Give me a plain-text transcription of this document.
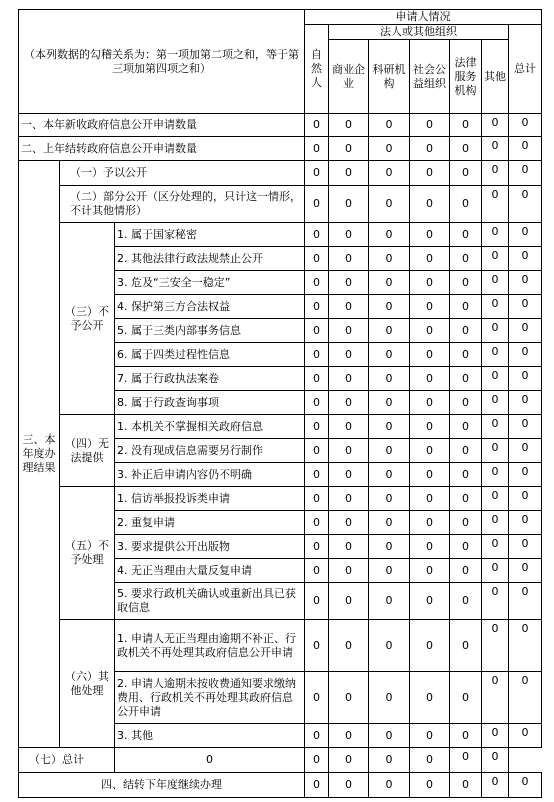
（本列数据的勾稽关系为：第一项加第二项之和，等于第三项加第四项之和）			申请人情况						
			自然人	法人或其他组织					总计
				商业企业	科研机构	社会公益组织	法律服务机构	其他	
一、本年新收政府信息公开申请数量			0	0	0	0	0	0	0
二、上年结转政府信息公开申请数量			0	0	0	0	0	0	0
三、本年度办理结果	（一）予以公开		0	0	0	0	0	0	0
	（二）部分公开（区分处理的，只计这一情形，不计其他情形）		0	0	0	0	0	0	0
	（三）不予公开	1. 属于国家秘密	0	0	0	0	0	0	0
		2. 其他法律行政法规禁止公开	0	0	0	0	0	0	0
		3. 危及“三安全一稳定”	0	0	0	0	0	0	0
		4. 保护第三方合法权益	0	0	0	0	0	0	0
		5. 属于三类内部事务信息	0	0	0	0	0	0	0
		6. 属于四类过程性信息	0	0	0	0	0	0	0
		7. 属于行政执法案卷	0	0	0	0	0	0	0
		8. 属于行政查询事项	0	0	0	0	0	0	0
	（四）无法提供	1. 本机关不掌握相关政府信息	0	0	0	0	0	0	0
		2. 没有现成信息需要另行制作	0	0	0	0	0	0	0
		3. 补正后申请内容仍不明确	0	0	0	0	0	0	0
	（五）不予处理	1. 信访举报投诉类申请	0	0	0	0	0	0	0
		2. 重复申请	0	0	0	0	0	0	0
		3. 要求提供公开出版物	0	0	0	0	0	0	0
		4. 无正当理由大量反复申请	0	0	0	0	0	0	0
		5. 要求行政机关确认或重新出具已获取信息	0	0	0	0	0	0	0
	（六）其他处理	1. 申请人无正当理由逾期不补正、行政机关不再处理其政府信息公开申请	0	0	0	0	0	0	0
		2. 申请人逾期未按收费通知要求缴纳费用、行政机关不再处理其政府信息公开申请	0	0	0	0	0	0	0
		3. 其他	0	0	0	0	0	0	0
（七）总计		0	0	0	0	0	0	0	
四、结转下年度继续办理			0	0	0	0	0	0	0
